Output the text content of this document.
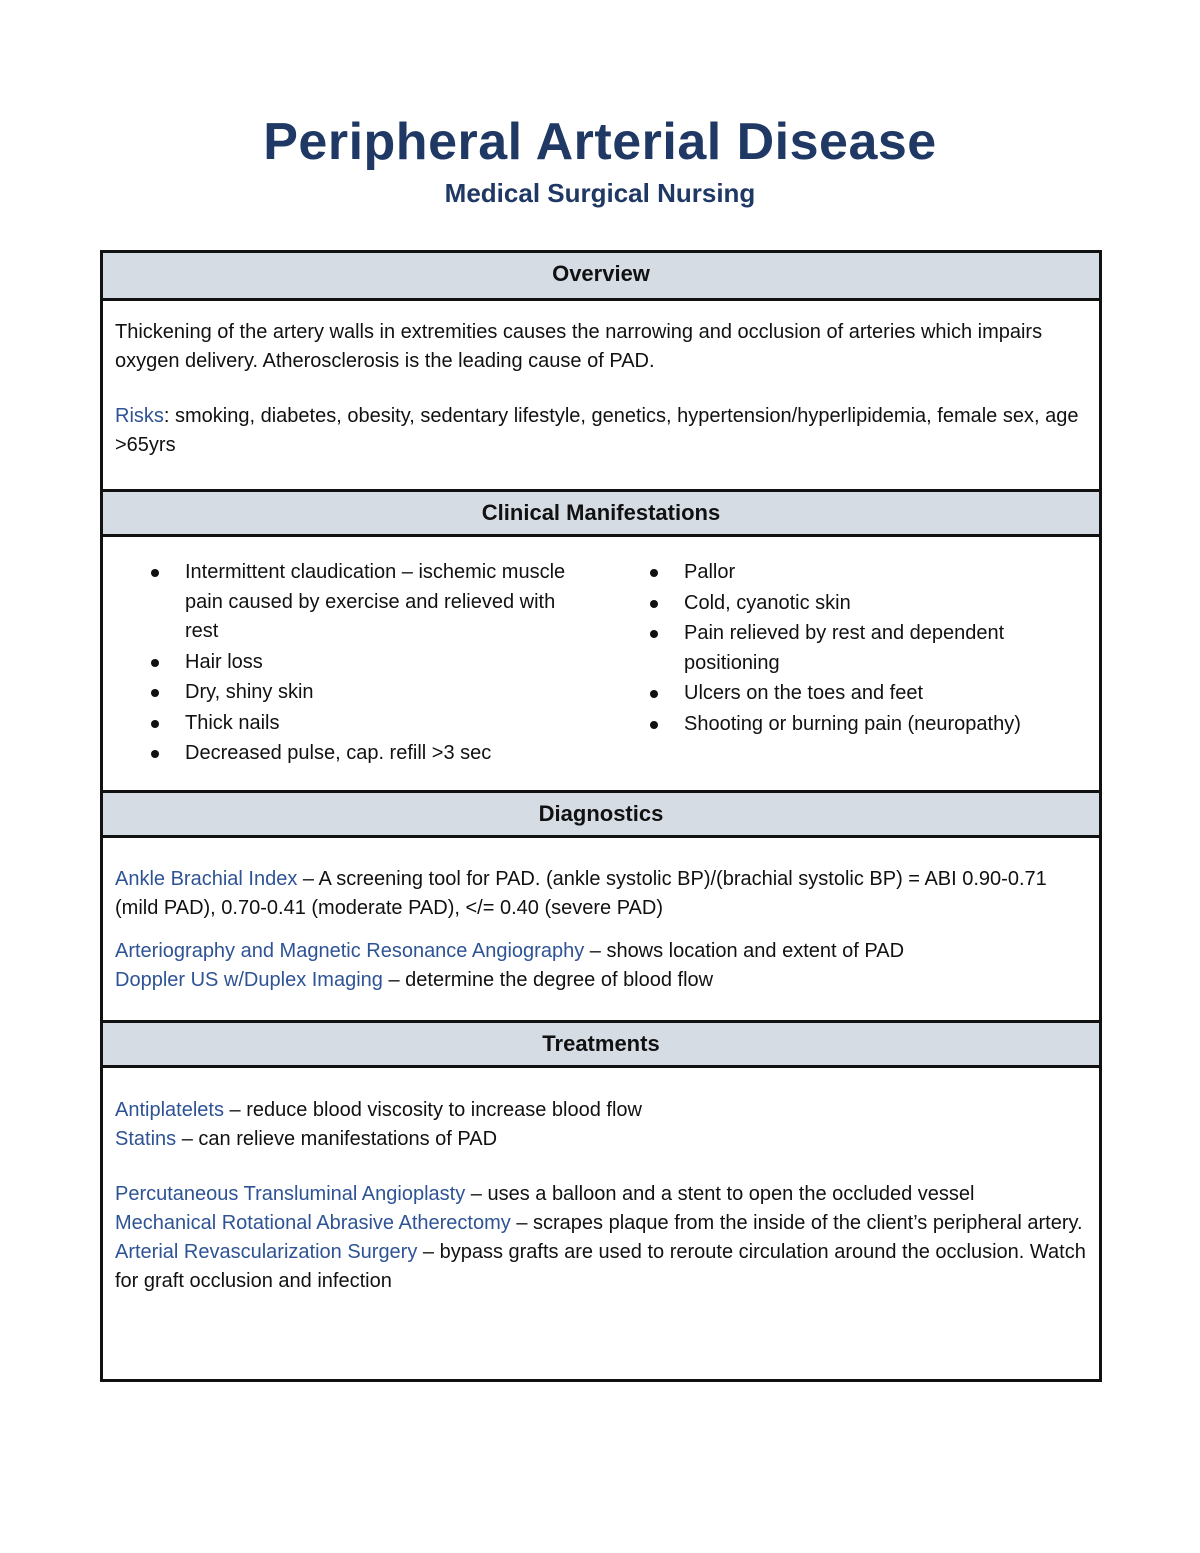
Peripheral Arterial Disease
Medical Surgical Nursing
Overview

Thickening of the artery walls in extremities causes the narrowing and occlusion of arteries which impairs oxygen delivery. Atherosclerosis is the leading cause of PAD.

Risks: smoking, diabetes, obesity, sedentary lifestyle, genetics, hypertension/hyperlipidemia, female sex, age >65yrs

Clinical Manifestations
Intermittent claudication – ischemic muscle pain caused by exercise and relieved with rest
Hair loss
Dry, shiny skin
Thick nails
Decreased pulse, cap. refill >3 sec
Pallor
Cold, cyanotic skin
Pain relieved by rest and dependent positioning
Ulcers on the toes and feet
Shooting or burning pain (neuropathy)
Diagnostics

Ankle Brachial Index – A screening tool for PAD. (ankle systolic BP)/(brachial systolic BP) = ABI 0.90-0.71 (mild PAD), 0.70-0.41 (moderate PAD), </= 0.40 (severe PAD)

Arteriography and Magnetic Resonance Angiography – shows location and extent of PAD

Doppler US w/Duplex Imaging – determine the degree of blood flow

Treatments

Antiplatelets – reduce blood viscosity to increase blood flow

Statins – can relieve manifestations of PAD

Percutaneous Transluminal Angioplasty – uses a balloon and a stent to open the occluded vessel

Mechanical Rotational Abrasive Atherectomy – scrapes plaque from the inside of the client’s peripheral artery.

Arterial Revascularization Surgery – bypass grafts are used to reroute circulation around the occlusion. Watch for graft occlusion and infection
